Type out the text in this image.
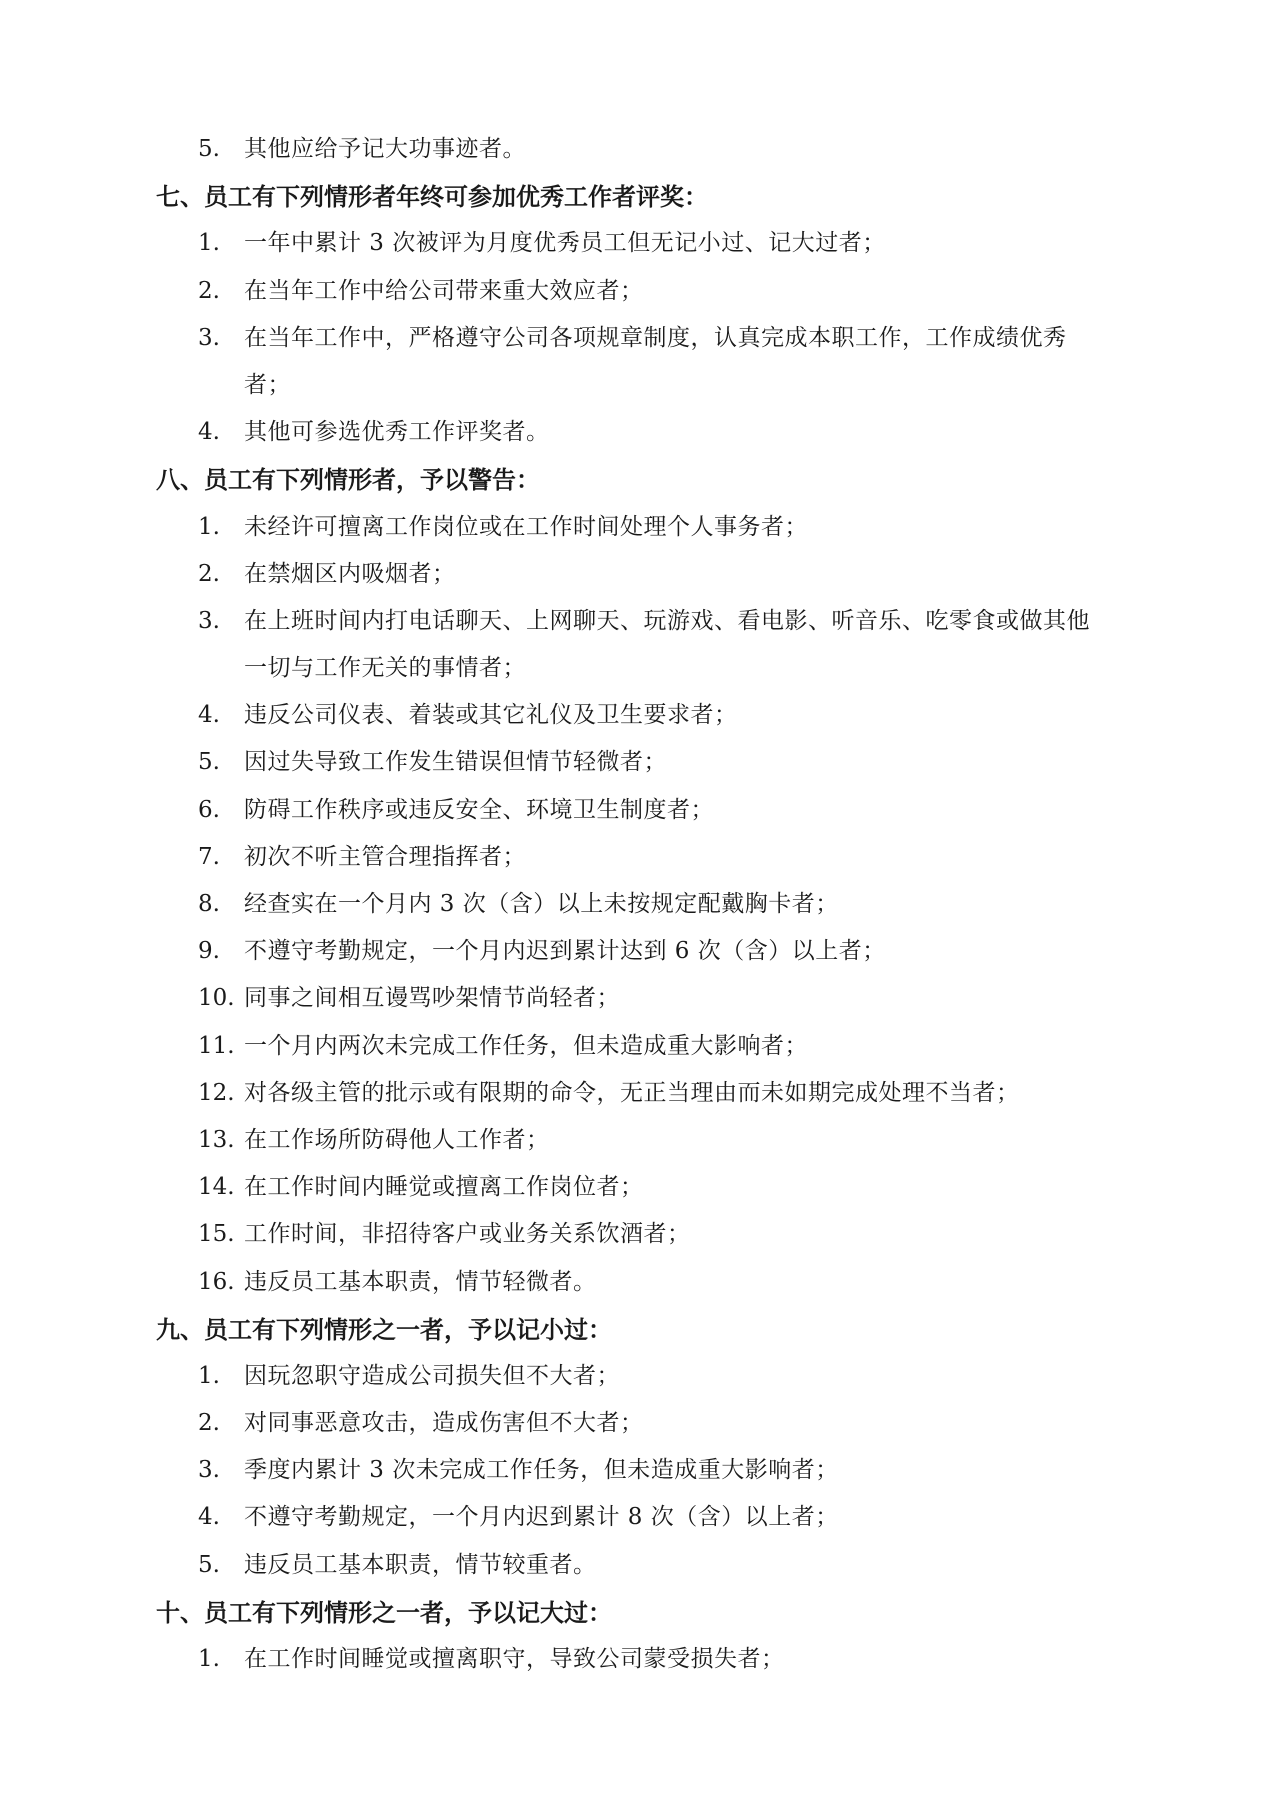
5. 其他应给予记大功事迹者。
七、员工有下列情形者年终可参加优秀工作者评奖：
1. 一年中累计 3 次被评为月度优秀员工但无记小过、记大过者；
2. 在当年工作中给公司带来重大效应者；
3. 在当年工作中，严格遵守公司各项规章制度，认真完成本职工作，工作成绩优秀
者；
4. 其他可参选优秀工作评奖者。
八、员工有下列情形者，予以警告：
1. 未经许可擅离工作岗位或在工作时间处理个人事务者；
2. 在禁烟区内吸烟者；
3. 在上班时间内打电话聊天、上网聊天、玩游戏、看电影、听音乐、吃零食或做其他
一切与工作无关的事情者；
4. 违反公司仪表、着装或其它礼仪及卫生要求者；
5. 因过失导致工作发生错误但情节轻微者；
6. 防碍工作秩序或违反安全、环境卫生制度者；
7. 初次不听主管合理指挥者；
8. 经查实在一个月内 3 次（含）以上未按规定配戴胸卡者；
9. 不遵守考勤规定，一个月内迟到累计达到 6 次（含）以上者；
10. 同事之间相互谩骂吵架情节尚轻者；
11. 一个月内两次未完成工作任务，但未造成重大影响者；
12. 对各级主管的批示或有限期的命令，无正当理由而未如期完成处理不当者；
13. 在工作场所防碍他人工作者；
14. 在工作时间内睡觉或擅离工作岗位者；
15. 工作时间，非招待客户或业务关系饮酒者；
16. 违反员工基本职责，情节轻微者。
九、员工有下列情形之一者，予以记小过：
1. 因玩忽职守造成公司损失但不大者；
2. 对同事恶意攻击，造成伤害但不大者；
3. 季度内累计 3 次未完成工作任务，但未造成重大影响者；
4. 不遵守考勤规定，一个月内迟到累计 8 次（含）以上者；
5. 违反员工基本职责，情节较重者。
十、员工有下列情形之一者，予以记大过：
1. 在工作时间睡觉或擅离职守，导致公司蒙受损失者；
